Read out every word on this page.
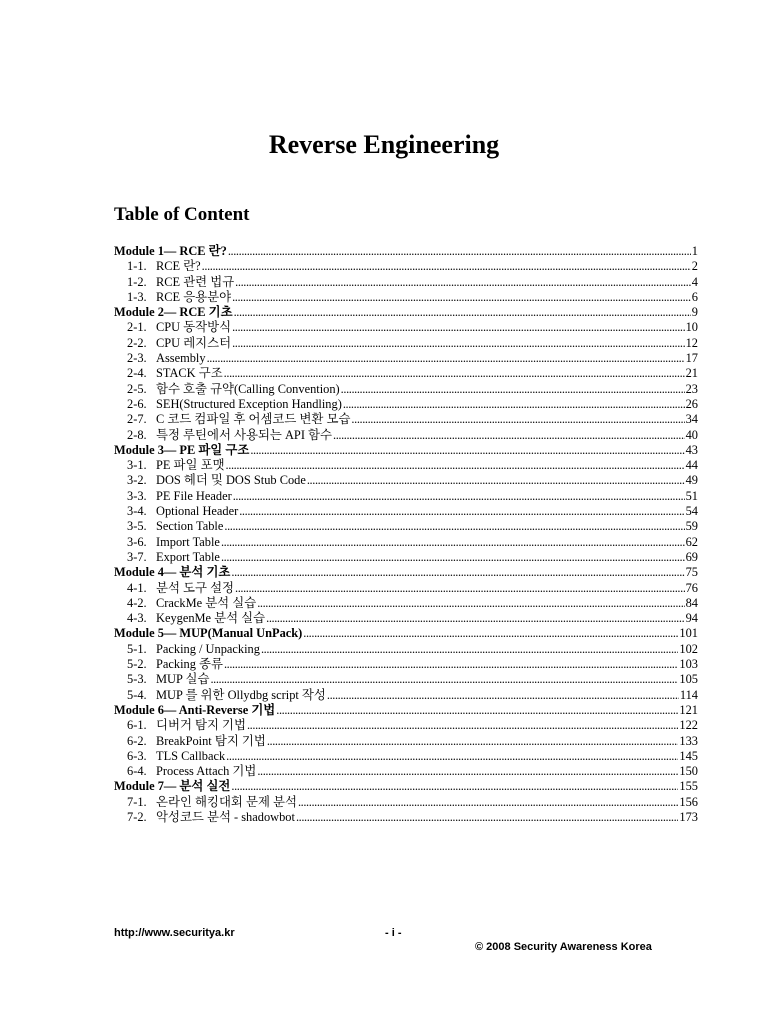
Reverse Engineering
Table of Content
Module 1 — RCE 란? .....	1
1-1. RCE 란? .....	2
1-2. RCE 관련 법규 .....	4
1-3. RCE 응용분야 .....	6
Module 2 — RCE 기초 .....	9
2-1. CPU 동작방식 .....	10
2-2. CPU 레지스터 .....	12
2-3. Assembly .....	17
2-4. STACK 구조 .....	21
2-5. 함수 호출 규약(Calling Convention) .....	23
2-6. SEH(Structured Exception Handling) .....	26
2-7. C 코드 컴파일 후 어셈코드 변환 모습 .....	34
2-8. 특정 루틴에서 사용되는 API 함수 .....	40
Module 3 — PE 파일 구조 .....	43
3-1. PE 파일 포맷 .....	44
3-2. DOS 헤더 및 DOS Stub Code .....	49
3-3. PE File Header .....	51
3-4. Optional Header .....	54
3-5. Section Table .....	59
3-6. Import Table .....	62
3-7. Export Table .....	69
Module 4 — 분석 기초 .....	75
4-1. 분석 도구 설정 .....	76
4-2. CrackMe 분석 실습 .....	84
4-3. KeygenMe 분석 실습 .....	94
Module 5 — MUP(Manual UnPack) .....	101
5-1. Packing / Unpacking .....	102
5-2. Packing 종류 .....	103
5-3. MUP 실습 .....	105
5-4. MUP 를 위한 Ollydbg script 작성 .....	114
Module 6 — Anti-Reverse 기법 .....	121
6-1. 디버거 탐지 기법 .....	122
6-2. BreakPoint 탐지 기법 .....	133
6-3. TLS Callback .....	145
6-4. Process Attach 기법 .....	150
Module 7 — 분석 실전 .....	155
7-1. 온라인 해킹대회 문제 분석 .....	156
7-2. 악성코드 분석 - shadowbot .....	173
http://www.securitya.kr	- i -
© 2008 Security Awareness Korea
